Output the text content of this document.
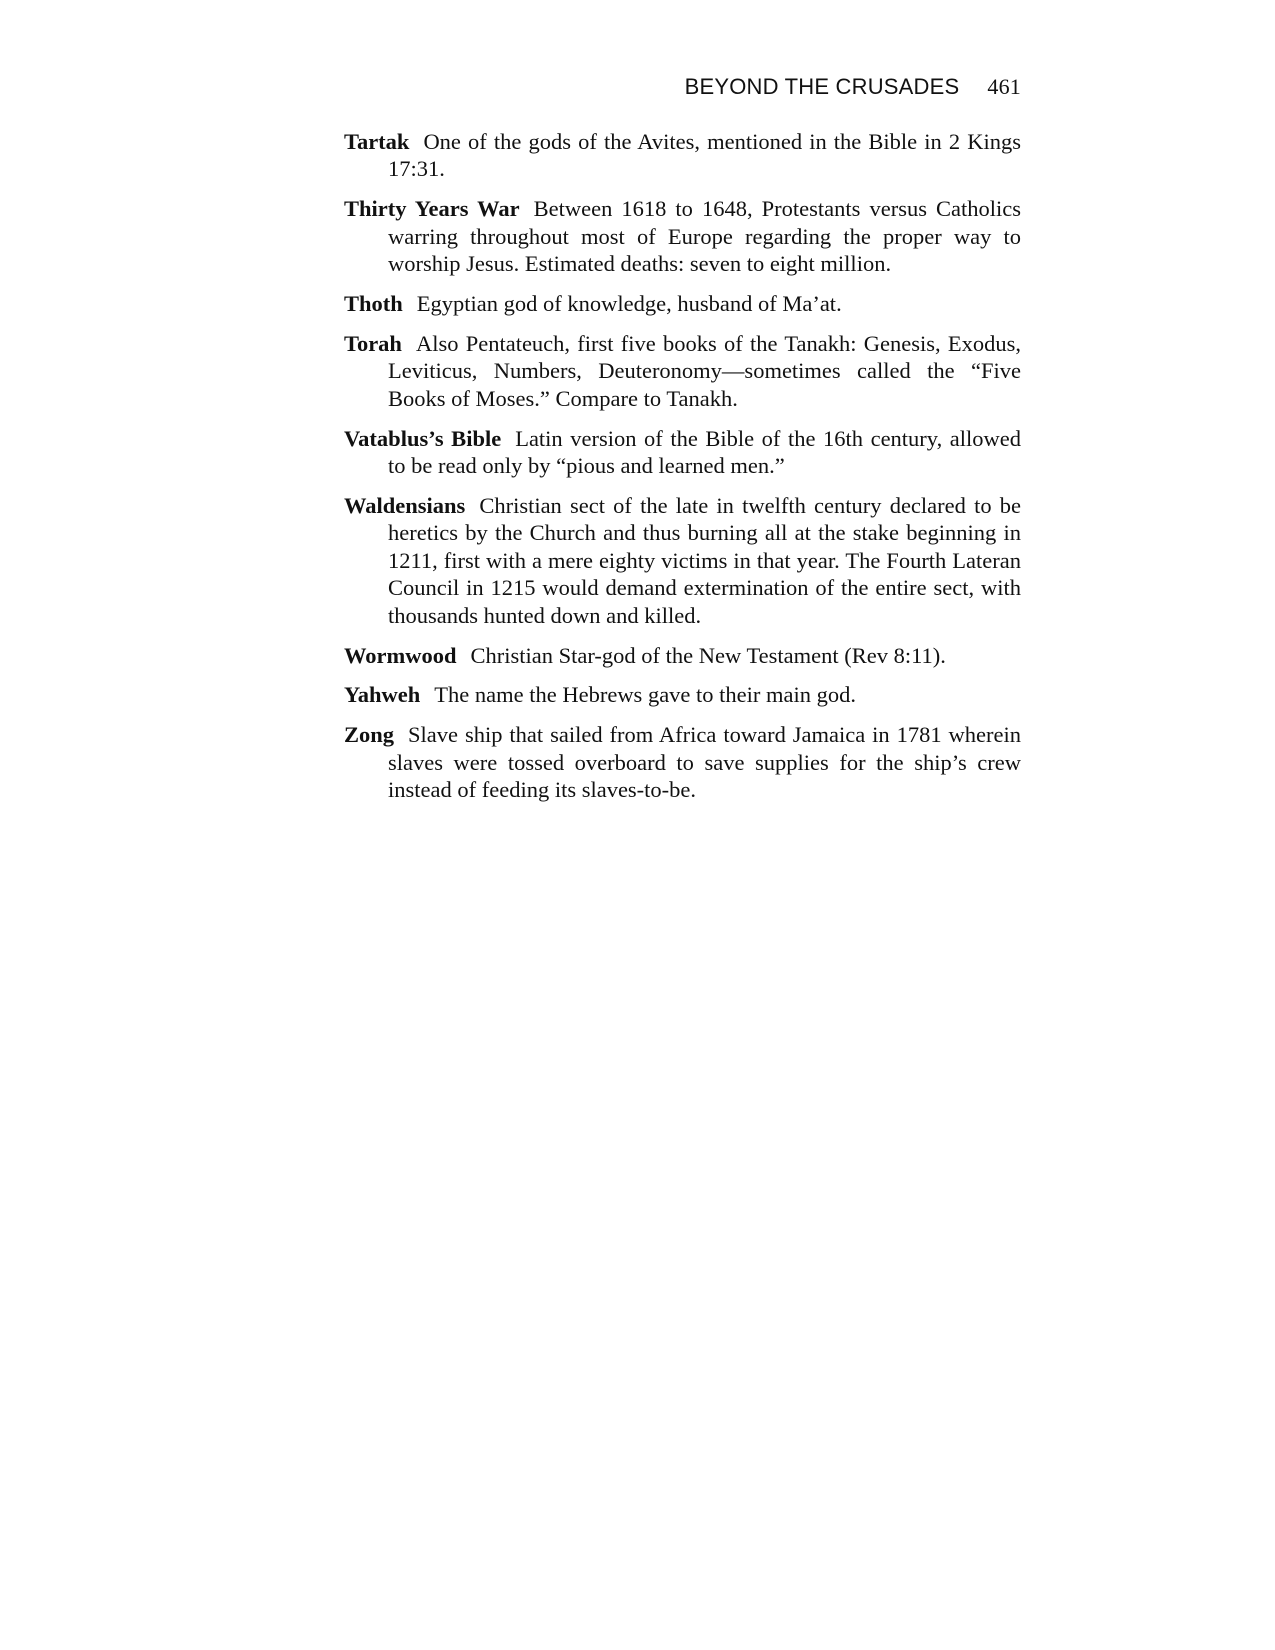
BEYOND THE CRUSADES 461
Tartak One of the gods of the Avites, mentioned in the Bible in 2 Kings 17:31.
Thirty Years War Between 1618 to 1648, Protestants versus Catholics warring throughout most of Europe regarding the proper way to worship Jesus. Estimated deaths: seven to eight million.
Thoth Egyptian god of knowledge, husband of Ma’at.
Torah Also Pentateuch, first five books of the Tanakh: Genesis, Exodus, Leviticus, Numbers, Deuteronomy—sometimes called the “Five Books of Moses.” Compare to Tanakh.
Vatablus’s Bible Latin version of the Bible of the 16th century, allowed to be read only by “pious and learned men.”
Waldensians Christian sect of the late in twelfth century declared to be heretics by the Church and thus burning all at the stake beginning in 1211, first with a mere eighty victims in that year. The Fourth Lateran Council in 1215 would demand extermination of the entire sect, with thousands hunted down and killed.
Wormwood Christian Star-god of the New Testament (Rev 8:11).
Yahweh The name the Hebrews gave to their main god.
Zong Slave ship that sailed from Africa toward Jamaica in 1781 wherein slaves were tossed overboard to save supplies for the ship’s crew instead of feeding its slaves-to-be.
